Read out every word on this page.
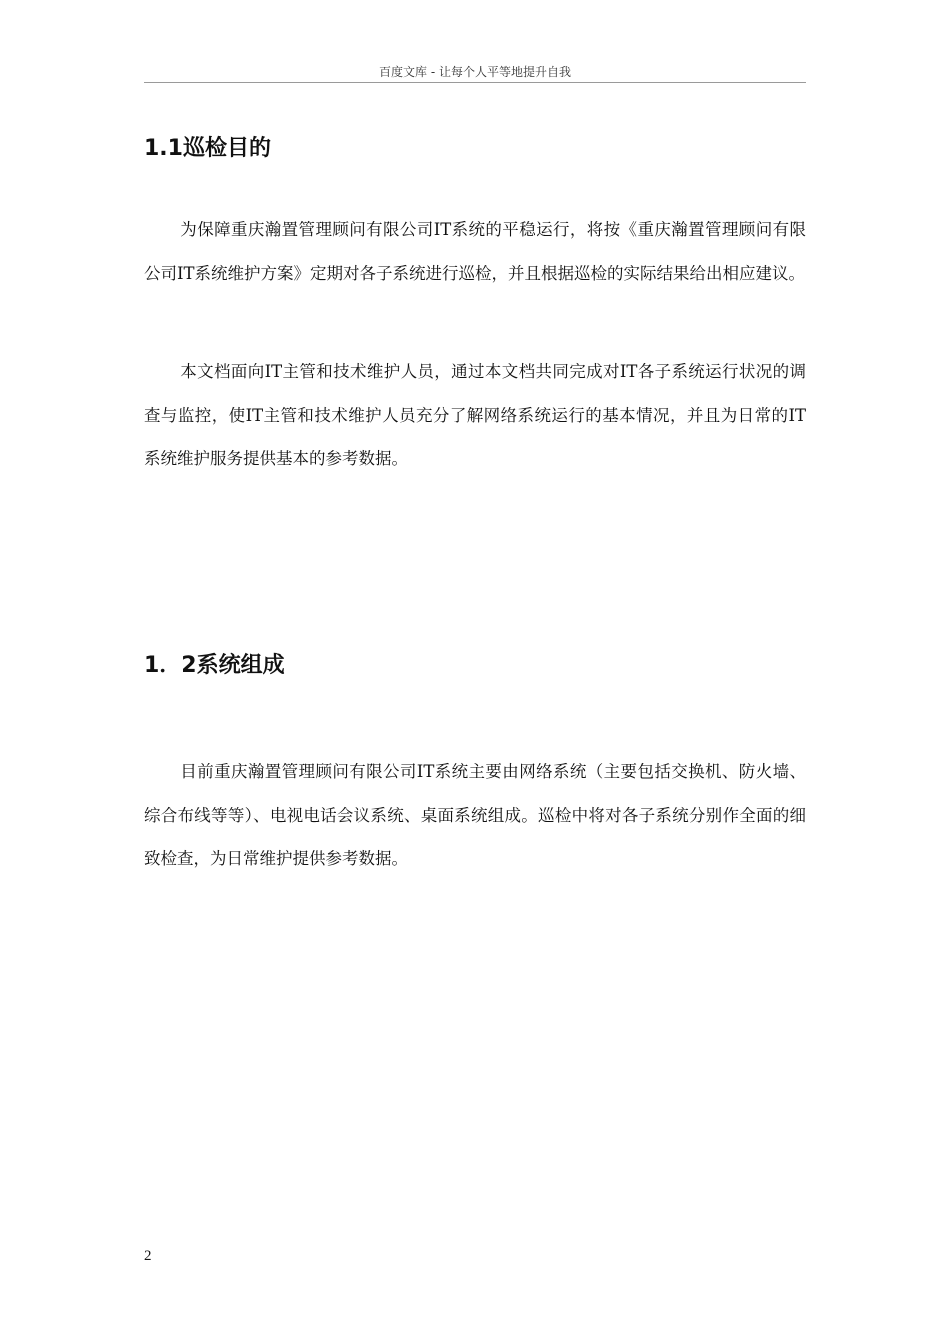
百度文库 - 让每个人平等地提升自我
1.1巡检目的

为保障重庆瀚置管理顾问有限公司IT系统的平稳运行，将按《重庆瀚置管理顾问有限公司IT系统维护方案》定期对各子系统进行巡检，并且根据巡检的实际结果给出相应建议。

本文档面向IT主管和技术维护人员，通过本文档共同完成对IT各子系统运行状况的调查与监控，使IT主管和技术维护人员充分了解网络系统运行的基本情况，并且为日常的IT系统维护服务提供基本的参考数据。

1．2系统组成

目前重庆瀚置管理顾问有限公司IT系统主要由网络系统（主要包括交换机、防火墙、综合布线等等）、电视电话会议系统、桌面系统组成。巡检中将对各子系统分别作全面的细致检查，为日常维护提供参考数据。

2
